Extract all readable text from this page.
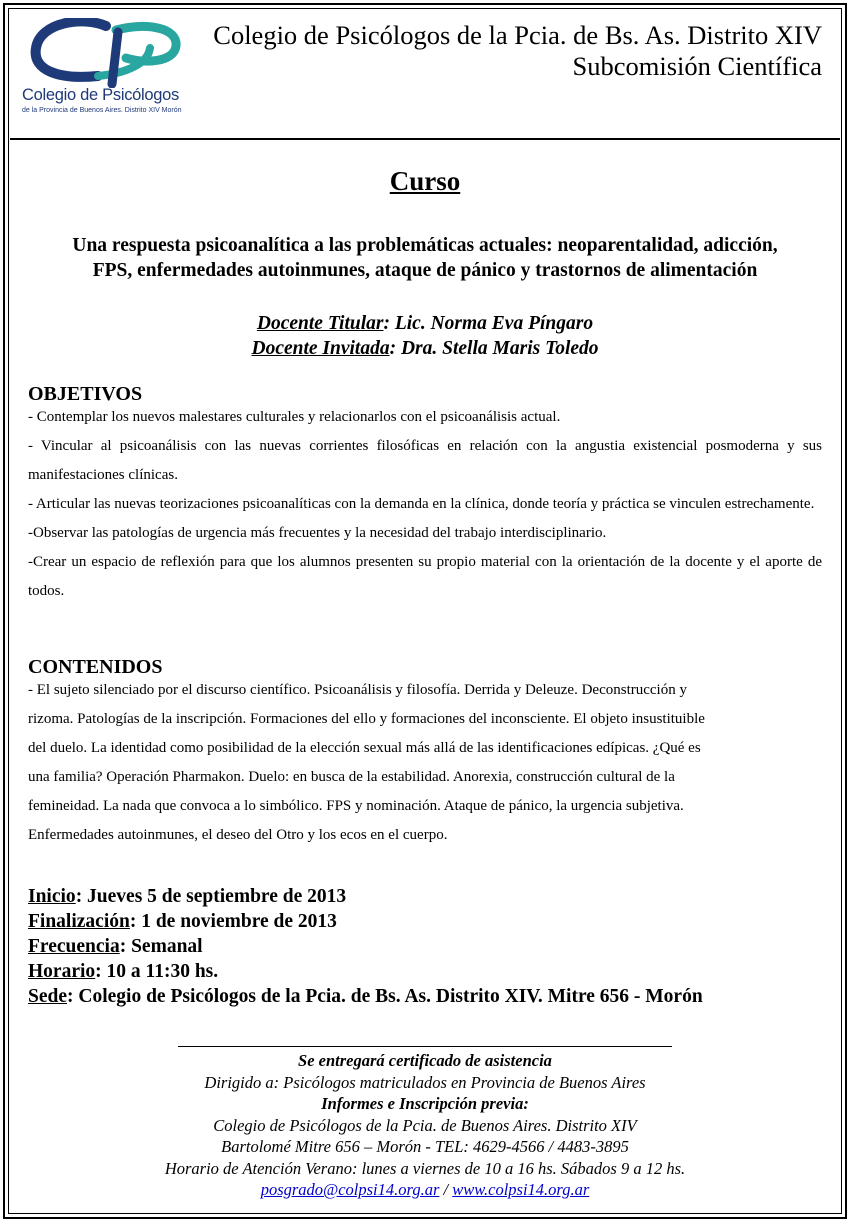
Colegio de Psicólogos
de la Provincia de Buenos Aires. Distrito XIV Morón
Colegio de Psicólogos de la Pcia. de Bs. As. Distrito XIV
Subcomisión Científica
Curso
Una respuesta psicoanalítica a las problemáticas actuales: neoparentalidad, adicción,
FPS, enfermedades autoinmunes, ataque de pánico y trastornos de alimentación
Docente Titular: Lic. Norma Eva Píngaro
Docente Invitada: Dra. Stella Maris Toledo
OBJETIVOS

- Contemplar los nuevos malestares culturales y relacionarlos con el psicoanálisis actual.

- Vincular al psicoanálisis con las nuevas corrientes filosóficas en relación con la angustia existencial posmoderna y sus manifestaciones clínicas.

- Articular las nuevas teorizaciones psicoanalíticas con la demanda en la clínica, donde teoría y práctica se vinculen estrechamente.

-Observar las patologías de urgencia más frecuentes y la necesidad del trabajo interdisciplinario.

-Crear un espacio de reflexión para que los alumnos presenten su propio material con la orientación de la docente y el aporte de todos.

CONTENIDOS
- El sujeto silenciado por el discurso científico. Psicoanálisis y filosofía. Derrida y Deleuze. Deconstrucción y
rizoma. Patologías de la inscripción. Formaciones del ello y formaciones del inconsciente. El objeto insustituible
del duelo. La identidad como posibilidad de la elección sexual más allá de las identificaciones edípicas. ¿Qué es
una familia? Operación Pharmakon. Duelo: en busca de la estabilidad. Anorexia, construcción cultural de la
femineidad. La nada que convoca a lo simbólico. FPS y nominación. Ataque de pánico, la urgencia subjetiva.
Enfermedades autoinmunes, el deseo del Otro y los ecos en el cuerpo.
Inicio: Jueves 5 de septiembre de 2013
Finalización: 1 de noviembre de 2013
Frecuencia: Semanal
Horario: 10 a 11:30 hs.
Sede: Colegio de Psicólogos de la Pcia. de Bs. As. Distrito XIV. Mitre 656 - Morón
Se entregará certificado de asistencia
Dirigido a: Psicólogos matriculados en Provincia de Buenos Aires
Informes e Inscripción previa:
Colegio de Psicólogos de la Pcia. de Buenos Aires. Distrito XIV
Bartolomé Mitre 656 – Morón - TEL: 4629-4566 / 4483-3895
Horario de Atención Verano: lunes a viernes de 10 a 16 hs. Sábados 9 a 12 hs.
posgrado@colpsi14.org.ar / www.colpsi14.org.ar
